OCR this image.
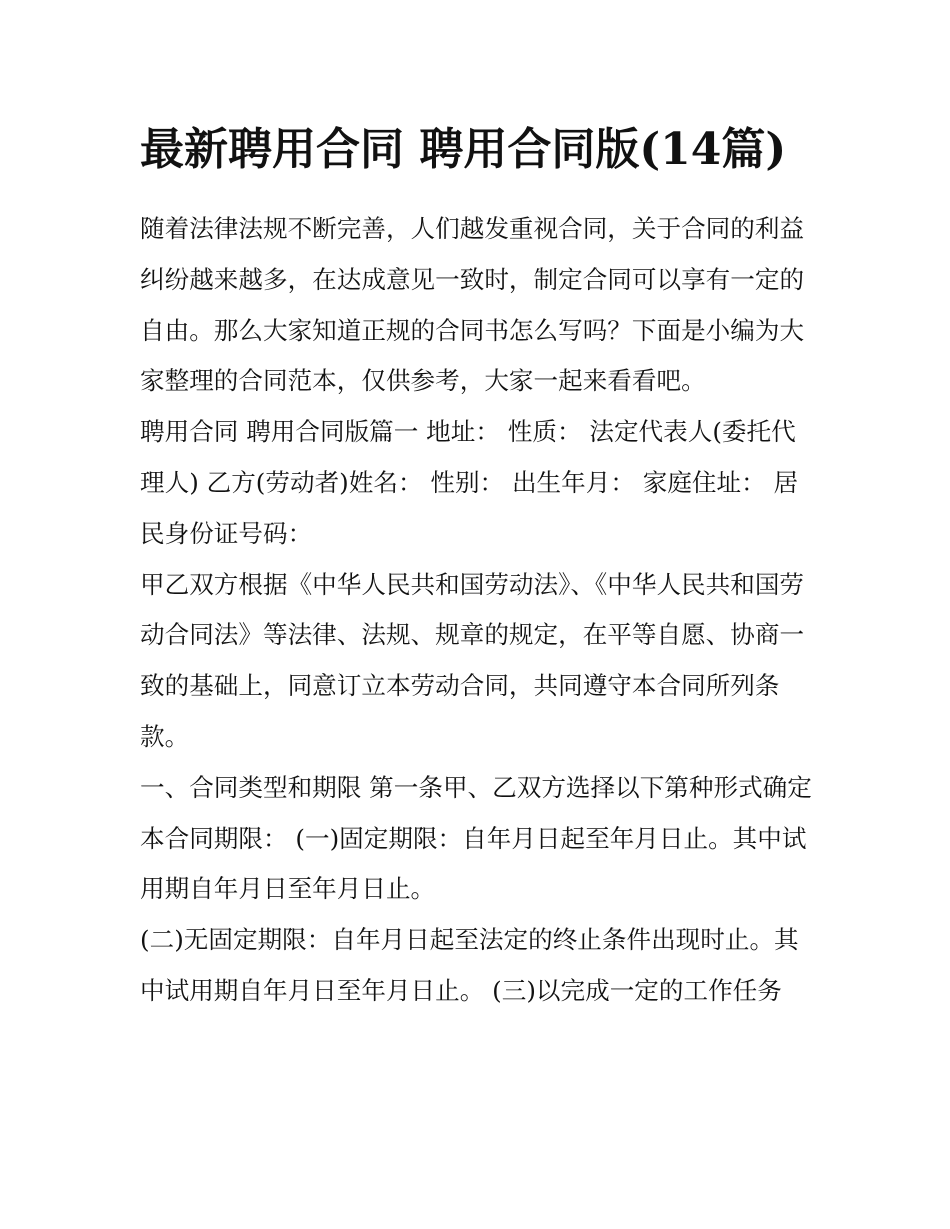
最新聘用合同 聘用合同版(14篇)

随着法律法规不断完善，人们越发重视合同，关于合同的利益纠纷越来越多，在达成意见一致时，制定合同可以享有一定的自由。那么大家知道正规的合同书怎么写吗？下面是小编为大家整理的合同范本，仅供参考，大家一起来看看吧。

聘用合同 聘用合同版篇一 地址： 性质： 法定代表人(委托代理人) 乙方(劳动者)姓名： 性别： 出生年月： 家庭住址： 居民身份证号码：

甲乙双方根据《中华人民共和国劳动法》、《中华人民共和国劳动合同法》等法律、法规、规章的规定，在平等自愿、协商一致的基础上，同意订立本劳动合同，共同遵守本合同所列条款。

一、合同类型和期限 第一条甲、乙双方选择以下第种形式确定本合同期限： (一)固定期限：自年月日起至年月日止。其中试用期自年月日至年月日止。

(二)无固定期限：自年月日起至法定的终止条件出现时止。其中试用期自年月日至年月日止。 (三)以完成一定的工作任务
